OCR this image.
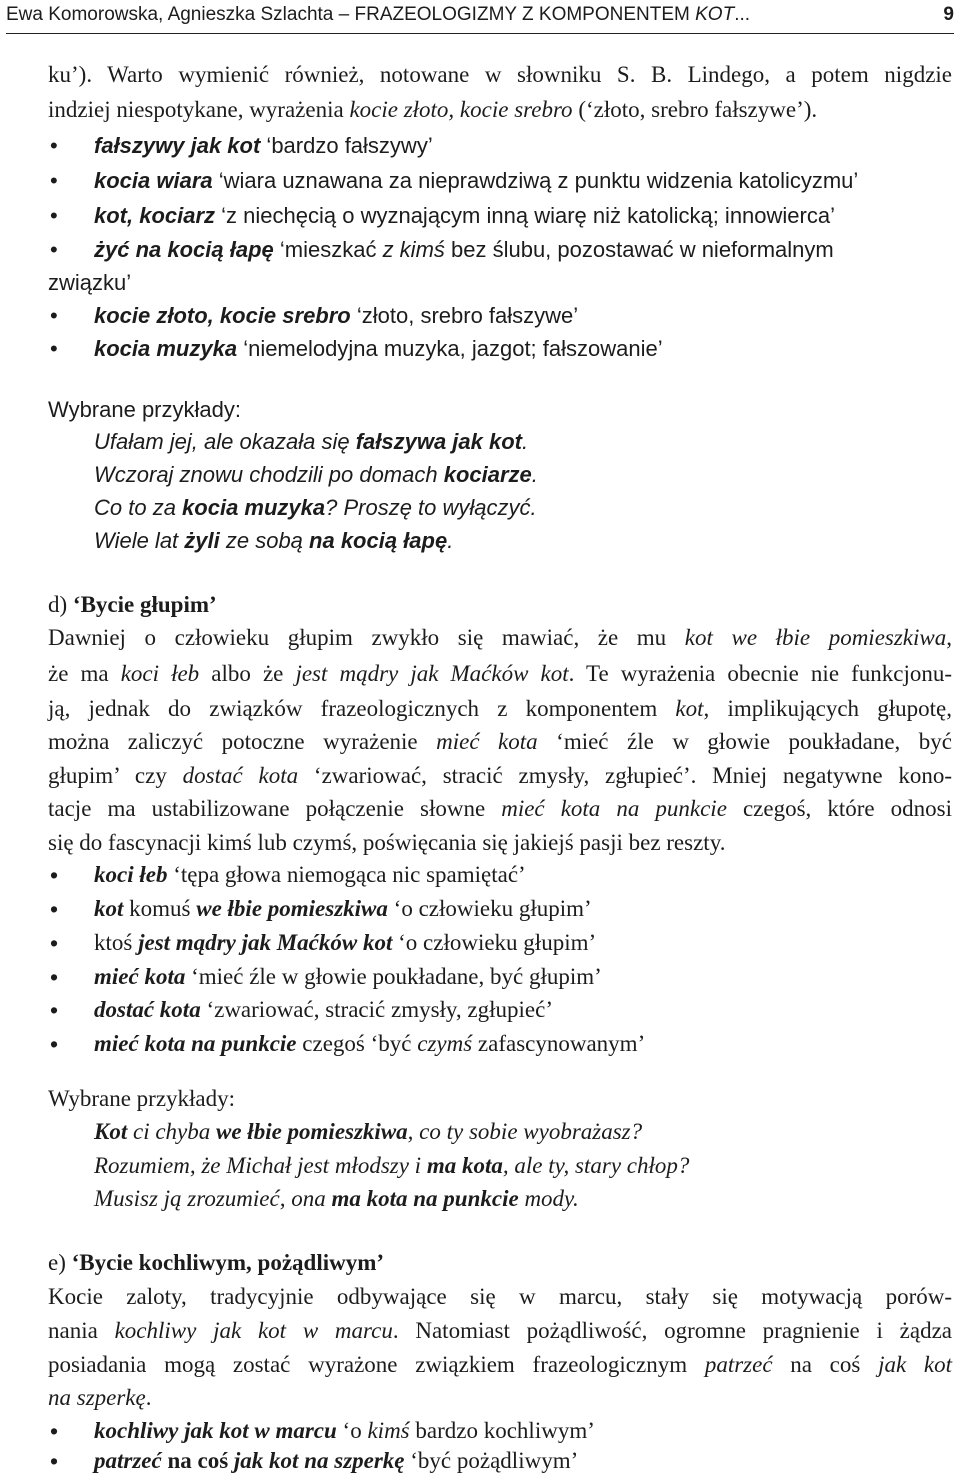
Ewa Komorowska, Agnieszka Szlachta – FRAZEOLOGIZMY Z KOMPONENTEM KOT...	9
ku’). Warto wymienić również, notowane w słowniku S. B. Lindego, a potem nigdzie
indziej niespotykane, wyrażenia kocie złoto, kocie srebro (‘złoto, srebro fałszywe’).
• fałszywy jak kot ‘bardzo fałszywy’
• kocia wiara ‘wiara uznawana za nieprawdziwą z punktu widzenia katolicyzmu’
• kot, kociarz ‘z niechęcią o wyznającym inną wiarę niż katolicką; innowierca’
• żyć na kocią łapę ‘mieszkać z kimś bez ślubu, pozostawać w nieformalnym
związku’
• kocie złoto, kocie srebro ‘złoto, srebro fałszywe’
• kocia muzyka ‘niemelodyjna muzyka, jazgot; fałszowanie’
Wybrane przykłady:
Ufałam jej, ale okazała się fałszywa jak kot.
Wczoraj znowu chodzili po domach kociarze.
Co to za kocia muzyka? Proszę to wyłączyć.
Wiele lat żyli ze sobą na kocią łapę.
d) ‘Bycie głupim’
Dawniej o człowieku głupim zwykło się mawiać, że mu kot we łbie pomieszkiwa,
że ma koci łeb albo że jest mądry jak Maćków kot. Te wyrażenia obecnie nie funkcjonu-
ją, jednak do związków frazeologicznych z komponentem kot, implikujących głupotę,
można zaliczyć potoczne wyrażenie mieć kota ‘mieć źle w głowie poukładane, być
głupim’ czy dostać kota ‘zwariować, stracić zmysły, zgłupieć’. Mniej negatywne kono-
tacje ma ustabilizowane połączenie słowne mieć kota na punkcie czegoś, które odnosi
się do fascynacji kimś lub czymś, poświęcania się jakiejś pasji bez reszty.
• koci łeb ‘tępa głowa niemogąca nic spamiętać’
• kot komuś we łbie pomieszkiwa ‘o człowieku głupim’
• ktoś jest mądry jak Maćków kot ‘o człowieku głupim’
• mieć kota ‘mieć źle w głowie poukładane, być głupim’
• dostać kota ‘zwariować, stracić zmysły, zgłupieć’
• mieć kota na punkcie czegoś ‘być czymś zafascynowanym’
Wybrane przykłady:
Kot ci chyba we łbie pomieszkiwa, co ty sobie wyobrażasz?
Rozumiem, że Michał jest młodszy i ma kota, ale ty, stary chłop?
Musisz ją zrozumieć, ona ma kota na punkcie mody.
e) ‘Bycie kochliwym, pożądliwym’
Kocie zaloty, tradycyjnie odbywające się w marcu, stały się motywacją porów-
nania kochliwy jak kot w marcu. Natomiast pożądliwość, ogromne pragnienie i żądza
posiadania mogą zostać wyrażone związkiem frazeologicznym patrzeć na coś jak kot
na szperkę.
• kochliwy jak kot w marcu ‘o kimś bardzo kochliwym’
• patrzeć na coś jak kot na szperkę ‘być pożądliwym’
